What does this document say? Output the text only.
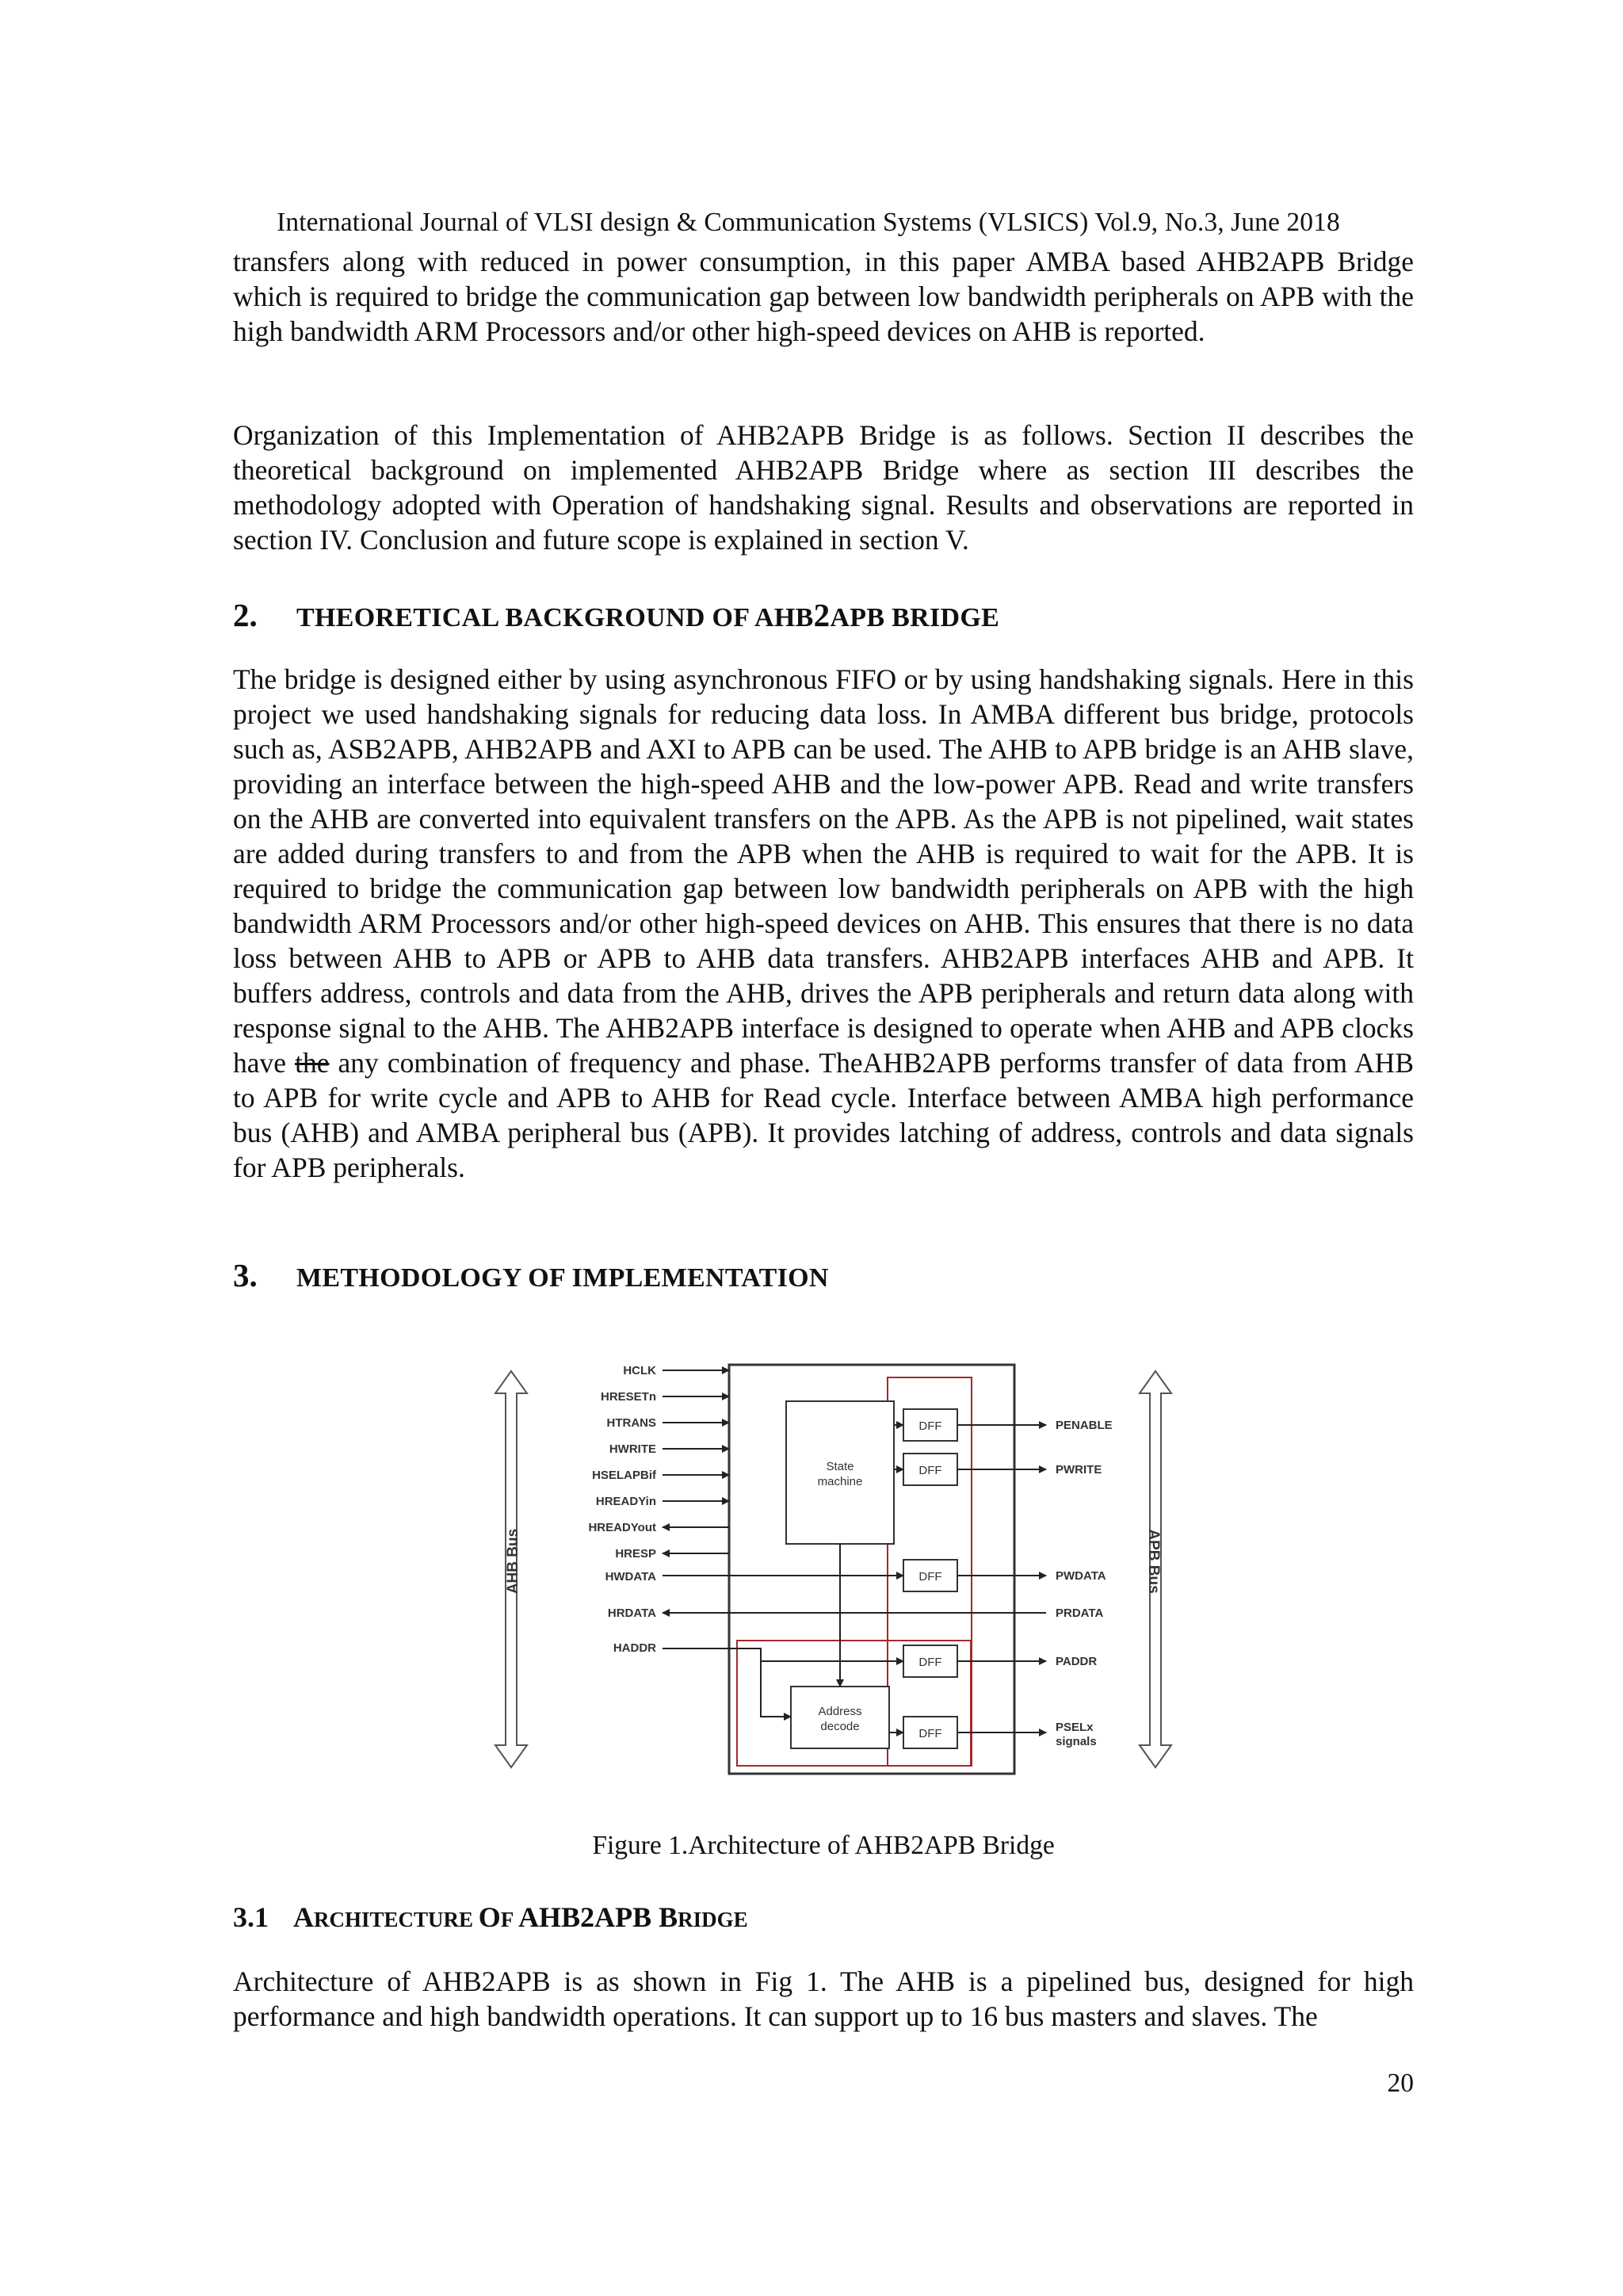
International Journal of VLSI design & Communication Systems (VLSICS) Vol.9, No.3, June 2018

transfers along with reduced in power consumption, in this paper AMBA based AHB2APB Bridge which is required to bridge the communication gap between low bandwidth peripherals on APB with the high bandwidth ARM Processors and/or other high-speed devices on AHB is reported.

Organization of this Implementation of AHB2APB Bridge is as follows. Section II describes the theoretical background on implemented AHB2APB Bridge where as section III describes the methodology adopted with Operation of handshaking signal. Results and observations are reported in section IV. Conclusion and future scope is explained in section V.

2. THEORETICAL BACKGROUND OF AHB2APB BRIDGE

The bridge is designed either by using asynchronous FIFO or by using handshaking signals. Here in this project we used handshaking signals for reducing data loss. In AMBA different bus bridge, protocols such as, ASB2APB, AHB2APB and AXI to APB can be used. The AHB to APB bridge is an AHB slave, providing an interface between the high-speed AHB and the low-power APB. Read and write transfers on the AHB are converted into equivalent transfers on the APB. As the APB is not pipelined, wait states are added during transfers to and from the APB when the AHB is required to wait for the APB. It is required to bridge the communication gap between low bandwidth peripherals on APB with the high bandwidth ARM Processors and/or other high-speed devices on AHB. This ensures that there is no data loss between AHB to APB or APB to AHB data transfers. AHB2APB interfaces AHB and APB. It buffers address, controls and data from the AHB, drives the APB peripherals and return data along with response signal to the AHB. The AHB2APB interface is designed to operate when AHB and APB clocks have the any combination of frequency and phase. TheAHB2APB performs transfer of data from AHB to APB for write cycle and APB to AHB for Read cycle. Interface between AMBA high performance bus (AHB) and AMBA peripheral bus (APB). It provides latching of address, controls and data signals for APB peripherals.

3. METHODOLOGY OF IMPLEMENTATION
AHB Bus	APB Bus
State
machine
Address
decode
DFF
DFF
DFF
DFF
DFF
HCLK
HRESETn
HTRANS
HWRITE
HSELAPBif
HREADYin
HREADYout
HRESP
HWDATA
HRDATA
HADDR
PENABLE
PWRITE
PWDATA
PRDATA
PADDR
PSELx
signals
Figure 1.Architecture of AHB2APB Bridge
3.1 ARCHITECTURE OF AHB2APB BRIDGE

Architecture of AHB2APB is as shown in Fig 1. The AHB is a pipelined bus, designed for high performance and high bandwidth operations. It can support up to 16 bus masters and slaves. The

20
